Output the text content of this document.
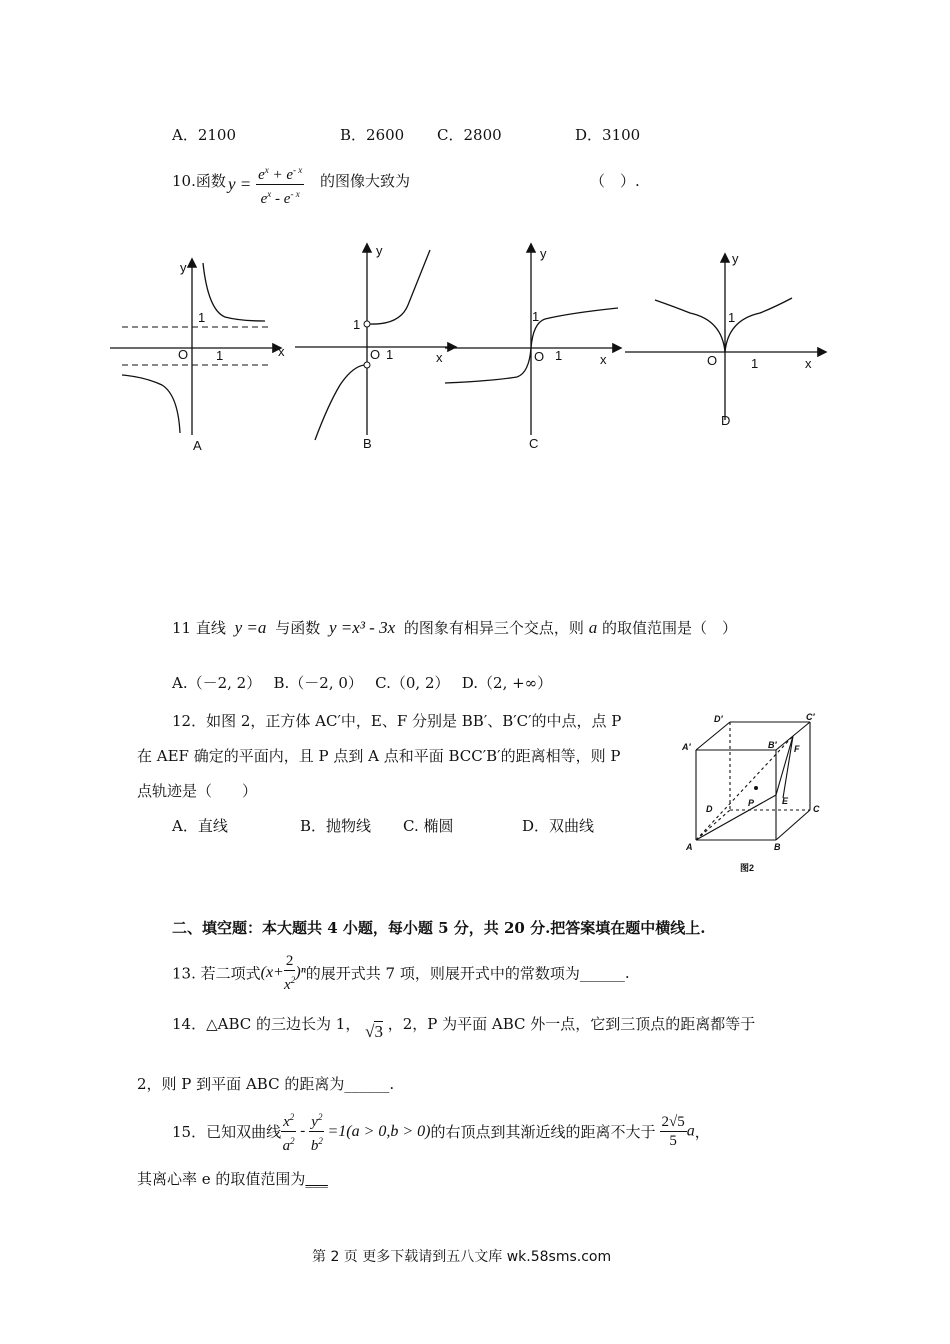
A．2100	B．2600 C．2800	D．3100
10.函数 $y = \frac{e^x + e^{- x}}{e^x - e^{- x}}$ 的图像大致为	（　）.
y
x
O 1
1
A
y
x
O 1
1
B
y
x
O 1
1
C
y
x
O	1
1
D
11 直线 y =a 与函数 y =x³ - 3x 的图象有相异三个交点，则 a 的取值范围是（　）
A.（－2, 2）　 B.（－2, 0）　 C.（0, 2）　 D.（2, +∞）
12．如图 2，正方体 AC′中，E、F 分别是 BB′、B′C′的中点，点 P
在 AEF 确定的平面内，且 P 点到 A 点和平面 BCC′B′的距离相等，则 P
点轨迹是（　　）
A．直线	B．抛物线 C. 椭圆	D．双曲线
D′	C′
A′	B′ F
D
P	E
C
A	B
图2
二、填空题：本大题共 4 小题，每小题 5 分，共 20 分.把答案填在题中横线上.
13. 若二项式$(x+ \frac{2}{x^2} )^n$的展开式共 7 项，则展开式中的常数项为______.
14．△ABC 的三边长为 1， √3 ，2，P 为平面 ABC 外一点，它到三顶点的距离都等于
2，则 P 到平面 ABC 的距离为______.
15．已知双曲线 $\frac{x^2}{a^2} - \frac{y^2}{b^2} =1(a > 0,b > 0)$的右顶点到其渐近线的距离不大于 $\frac{2√5}{5}$ a，
其离心率 e 的取值范围为___
第 2 页 更多下载请到五八文库 wk.58sms.com
